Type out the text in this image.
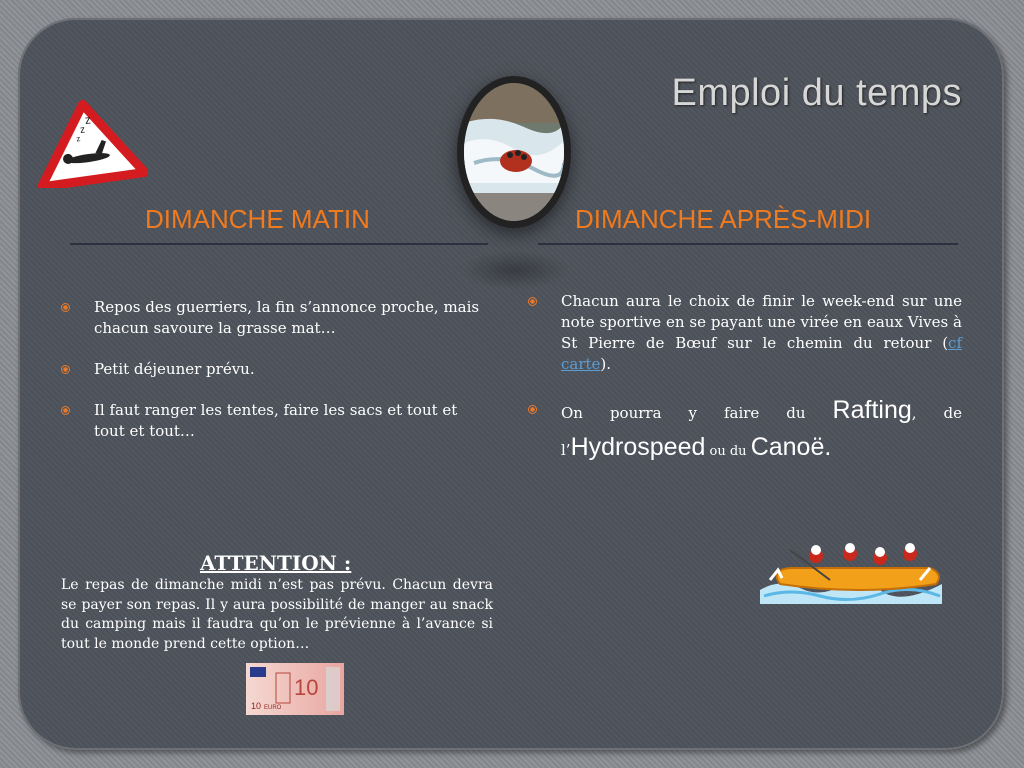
z
z
z
Emploi du temps
DIMANCHE MATIN	DIMANCHE APRÈS-MIDI
Repos des guerriers, la fin s’annonce proche, mais chacun savoure la grasse mat…
Petit déjeuner prévu.
Il faut ranger les tentes, faire les sacs et tout et tout et tout…
Chacun aura le choix de finir le week-end sur une note sportive en se payant une virée en eaux Vives à St Pierre de Bœuf sur le chemin du retour (cf carte).
On pourra y faire du Rafting, de l’Hydrospeed ou du Canoë.
ATTENTION :
Le repas de dimanche midi n’est pas prévu. Chacun devra se payer son repas. Il y aura possibilité de manger au snack du camping mais il faudra qu’on le prévienne à l’avance si tout le monde prend cette option…
10
10 EURO
